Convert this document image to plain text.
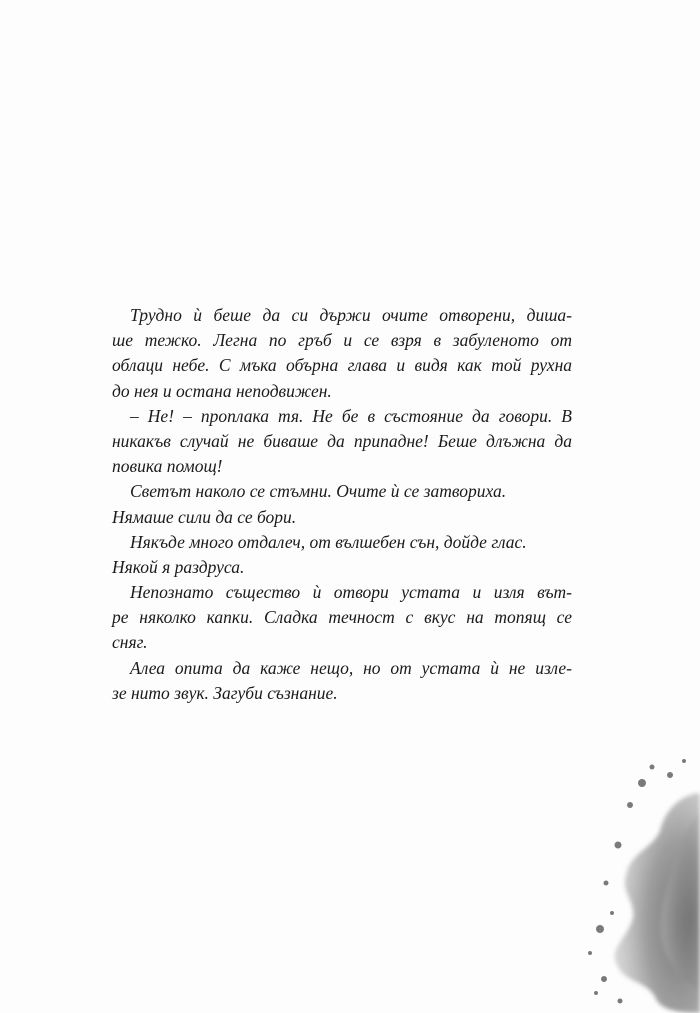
Трудно ѝ беше да си държи очите отворени, диша-
ше тежко. Легна по гръб и се взря в забуленото от
облаци небе. С мъка обърна глава и видя как той рухна
до нея и остана неподвижен.
– Не! – проплака тя. Не бе в състояние да говори. В
никакъв случай не биваше да припадне! Беше длъжна да
повика помощ!
Светът наколо се стъмни. Очите ѝ се затвориха.
Нямаше сили да се бори.
Някъде много отдалеч, от вълшебен сън, дойде глас.
Някой я раздруса.
Непознато същество ѝ отвори устата и изля вът-
ре няколко капки. Сладка течност с вкус на топящ се
сняг.
Алеа опита да каже нещо, но от устата ѝ не изле-
зе нито звук. Загуби съзнание.
